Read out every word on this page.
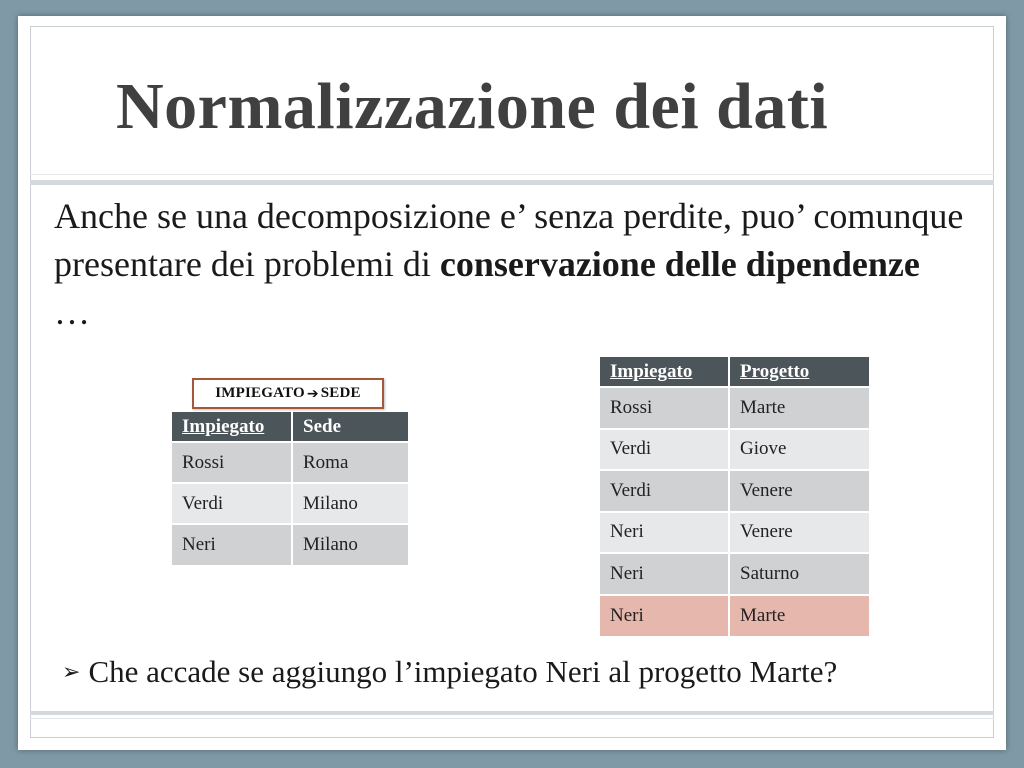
Normalizzazione dei dati

Anche se una decomposizione e’ senza perdite, puo’ comunque presentare dei problemi di conservazione delle dipendenze …

IMPIEGATO ➔ SEDE
Impiegato	Sede
Rossi	Roma
Verdi	Milano
Neri	Milano
Impiegato	Progetto
Rossi	Marte
Verdi	Giove
Verdi	Venere
Neri	Venere
Neri	Saturno
Neri	Marte

➢ Che accade se aggiungo l’impiegato Neri al progetto Marte?
